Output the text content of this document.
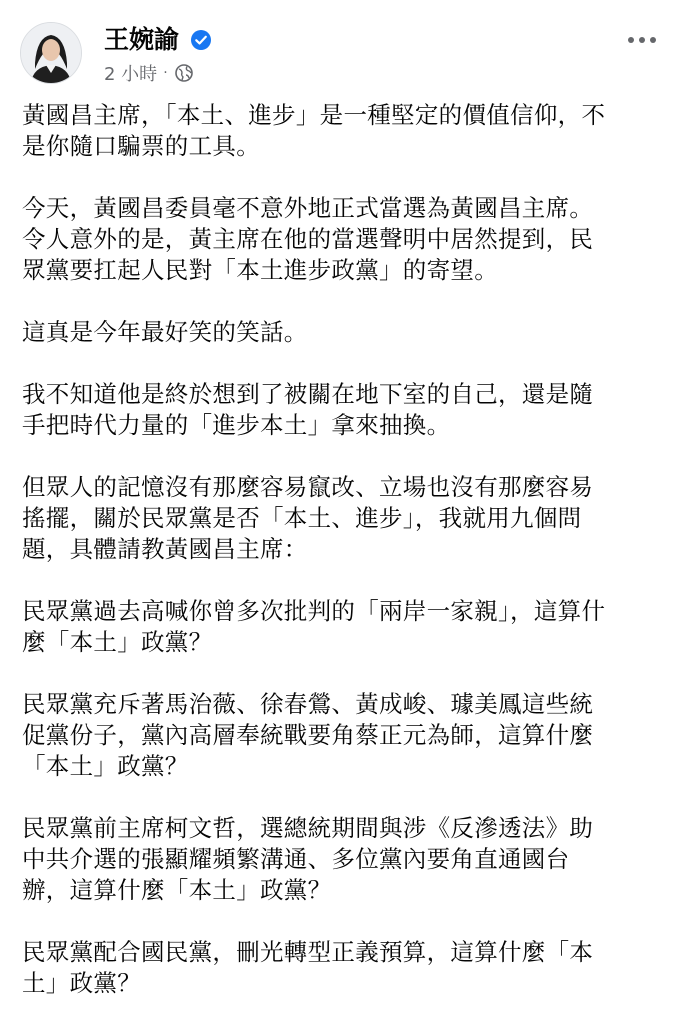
王婉諭
2 小時 ·

黃國昌主席，「本土、進步」是一種堅定的價值信仰，不
是你隨口騙票的工具。

今天，黃國昌委員毫不意外地正式當選為黃國昌主席。
令人意外的是，黃主席在他的當選聲明中居然提到，民
眾黨要扛起人民對「本土進步政黨」的寄望。

這真是今年最好笑的笑話。

我不知道他是終於想到了被關在地下室的自己，還是隨
手把時代力量的「進步本土」拿來抽換。

但眾人的記憶沒有那麼容易竄改、立場也沒有那麼容易
搖擺，關於民眾黨是否「本土、進步」，我就用九個問
題，具體請教黃國昌主席：

民眾黨過去高喊你曾多次批判的「兩岸一家親」，這算什
麼「本土」政黨？

民眾黨充斥著馬治薇、徐春鶯、黃成峻、璩美鳳這些統
促黨份子，黨內高層奉統戰要角蔡正元為師，這算什麼
「本土」政黨？

民眾黨前主席柯文哲，選總統期間與涉《反滲透法》助
中共介選的張顯耀頻繁溝通、多位黨內要角直通國台
辦，這算什麼「本土」政黨？

民眾黨配合國民黨，刪光轉型正義預算，這算什麼「本
土」政黨？
